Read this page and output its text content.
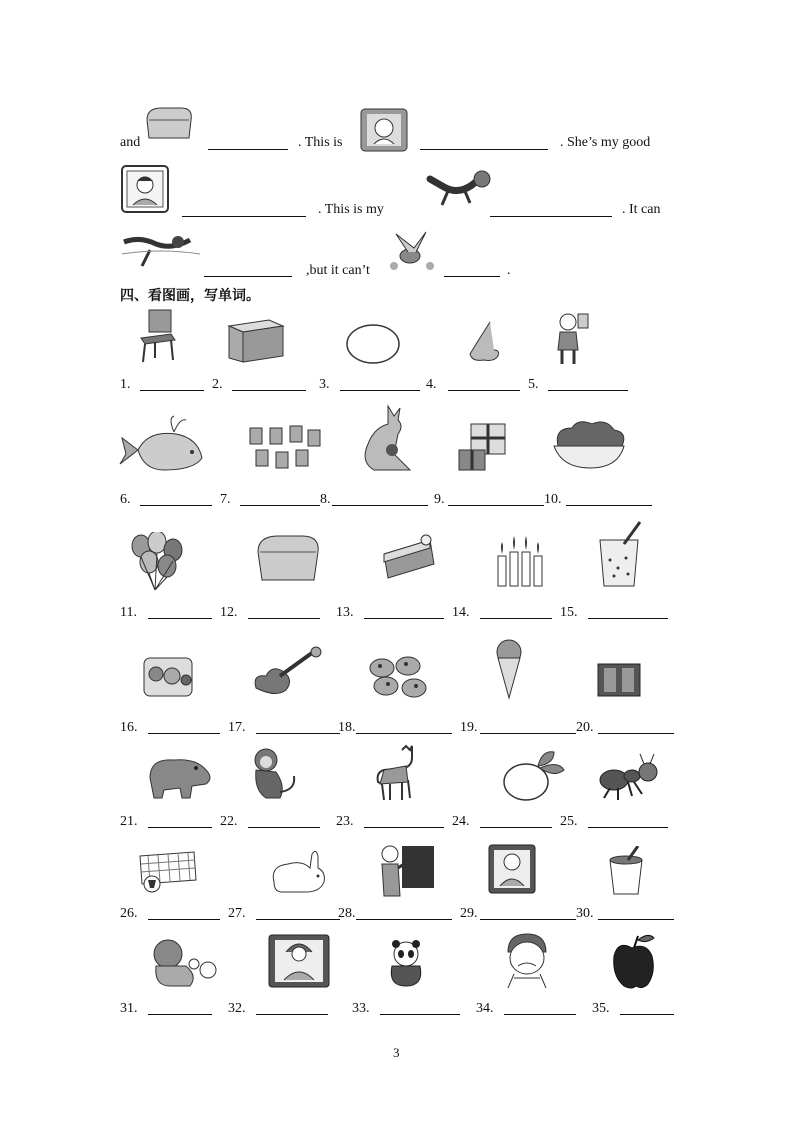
and	. This is	. She’s my good
. This is my	. It can
,but it can’t	.
四、看图画，写单词。
1.	2.	3.	4.	5.
6.	7.	8.	9.	10.
11.	12.	13.	14.	15.
16.	17.	18.	19.	20.
21.	22.	23.	24.	25.
26.	27.	28.	29.	30.
31.	32.	33.	34.	35.
3
